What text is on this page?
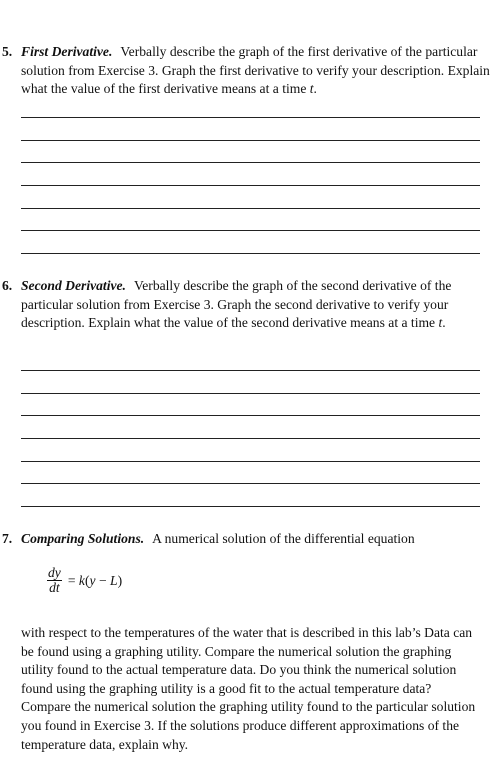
5. First Derivative. Verbally describe the graph of the first derivative of the particular solution from Exercise 3. Graph the first derivative to verify your description. Explain what the value of the first derivative means at a time t.

6. Second Derivative. Verbally describe the graph of the second derivative of the particular solution from Exercise 3. Graph the second derivative to verify your description. Explain what the value of the second derivative means at a time t.

7. Comparing Solutions. A numerical solution of the differential equation

with respect to the temperatures of the water that is described in this lab’s Data can be found using a graphing utility. Compare the numerical solution the graphing utility found to the actual temperature data. Do you think the numerical solution found using the graphing utility is a good fit to the actual temperature data? Compare the numerical solution the graphing utility found to the particular solution you found in Exercise 3. If the solutions produce different approximations of the temperature data, explain why.

$\frac{dy}{dt} = k(y - L)$
